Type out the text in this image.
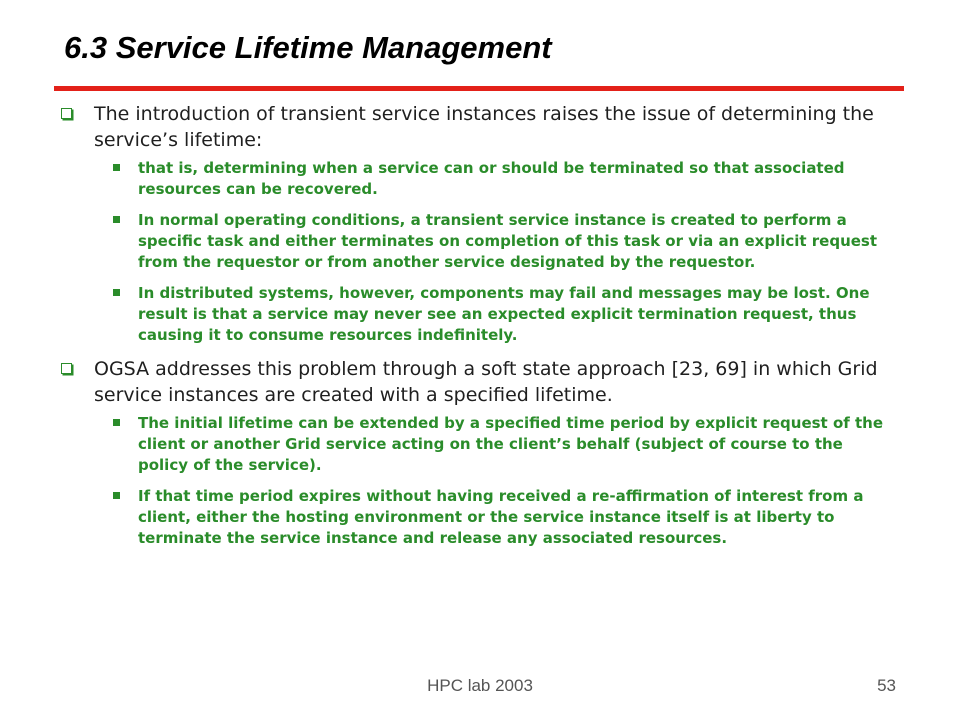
6.3 Service Lifetime Management
The introduction of transient service instances raises the issue of determining the service’s lifetime:
that is, determining when a service can or should be terminated so that associated resources can be recovered.
In normal operating conditions, a transient service instance is created to perform a specific task and either terminates on completion of this task or via an explicit request from the requestor or from another service designated by the requestor.
In distributed systems, however, components may fail and messages may be lost. One result is that a service may never see an expected explicit termination request, thus causing it to consume resources indefinitely.
OGSA addresses this problem through a soft state approach [23, 69] in which Grid service instances are created with a specified lifetime.
The initial lifetime can be extended by a specified time period by explicit request of the client or another Grid service acting on the client’s behalf (subject of course to the policy of the service).
If that time period expires without having received a re-affirmation of interest from a client, either the hosting environment or the service instance itself is at liberty to terminate the service instance and release any associated resources.
HPC lab 2003	53
